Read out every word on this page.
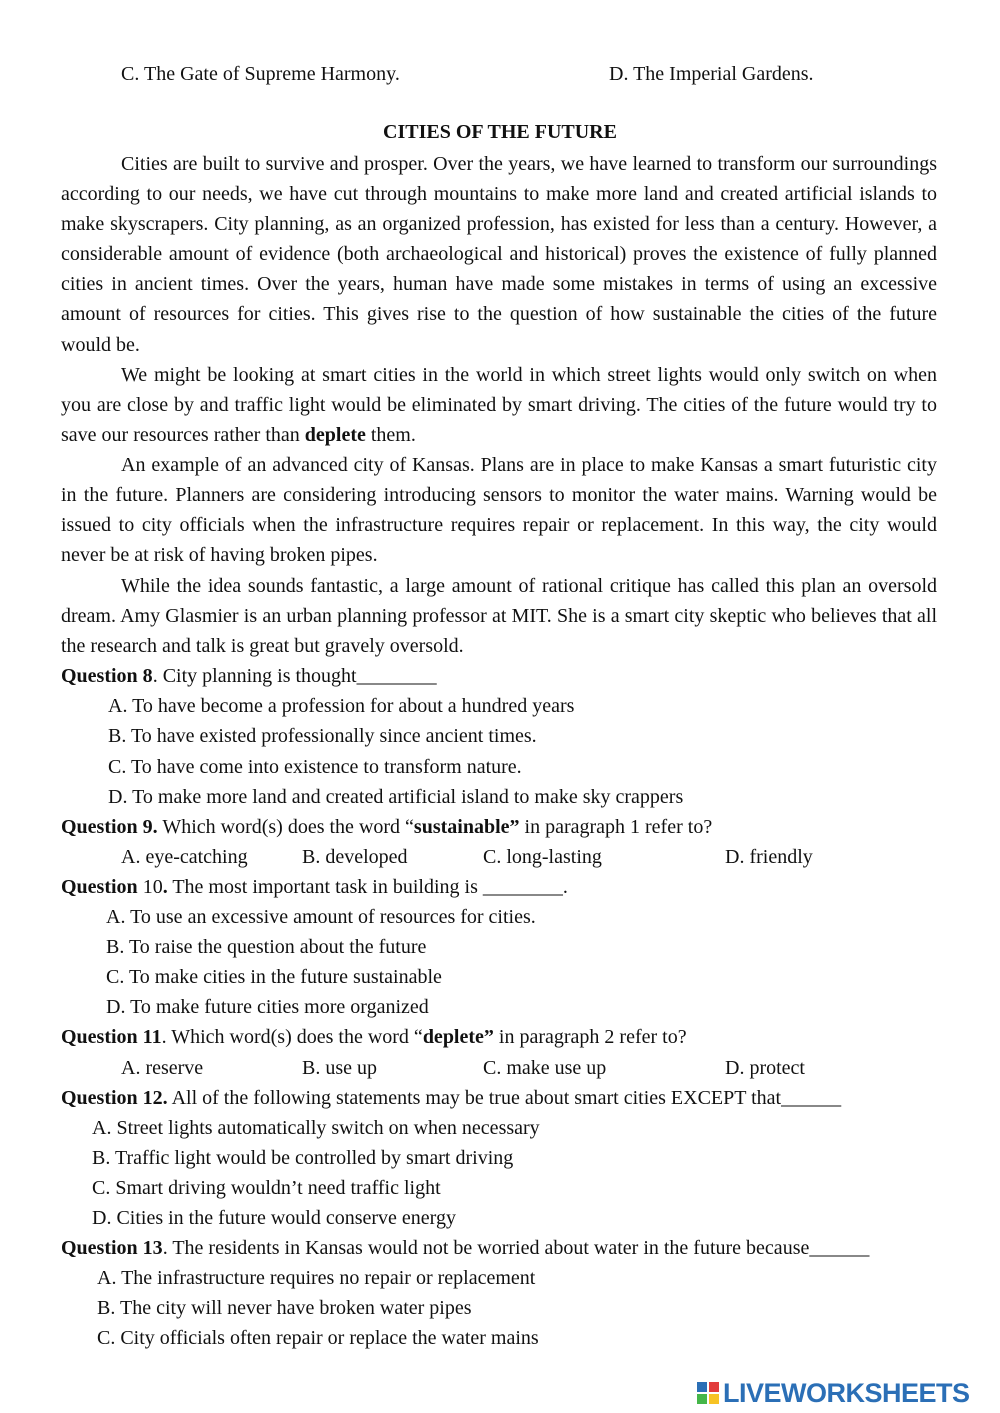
C. The Gate of Supreme Harmony.	D. The Imperial Gardens.
CITIES OF THE FUTURE
Cities are built to survive and prosper. Over the years, we have learned to transform our surroundings according to our needs, we have cut through mountains to make more land and created artificial islands to make skyscrapers. City planning, as an organized profession, has existed for less than a century. However, a considerable amount of evidence (both archaeological and historical) proves the existence of fully planned cities in ancient times. Over the years, human have made some mistakes in terms of using an excessive amount of resources for cities. This gives rise to the question of how sustainable the cities of the future would be.
We might be looking at smart cities in the world in which street lights would only switch on when you are close by and traffic light would be eliminated by smart driving. The cities of the future would try to save our resources rather than deplete them.
An example of an advanced city of Kansas. Plans are in place to make Kansas a smart futuristic city in the future. Planners are considering introducing sensors to monitor the water mains. Warning would be issued to city officials when the infrastructure requires repair or replacement. In this way, the city would never be at risk of having broken pipes.
While the idea sounds fantastic, a large amount of rational critique has called this plan an oversold dream. Amy Glasmier is an urban planning professor at MIT. She is a smart city skeptic who believes that all the research and talk is great but gravely oversold.
Question 8. City planning is thought________
A. To have become a profession for about a hundred years
B. To have existed professionally since ancient times.
C. To have come into existence to transform nature.
D. To make more land and created artificial island to make sky crappers
Question 9. Which word(s) does the word “sustainable” in paragraph 1 refer to?
A. eye-catching	B. developed	C. long-lasting	D. friendly
Question 10. The most important task in building is ________.
A. To use an excessive amount of resources for cities.
B. To raise the question about the future
C. To make cities in the future sustainable
D. To make future cities more organized
Question 11. Which word(s) does the word “deplete” in paragraph 2 refer to?
A. reserve	B. use up	C. make use up	D. protect
Question 12. All of the following statements may be true about smart cities EXCEPT that______
A. Street lights automatically switch on when necessary
B. Traffic light would be controlled by smart driving
C. Smart driving wouldn’t need traffic light
D. Cities in the future would conserve energy
Question 13. The residents in Kansas would not be worried about water in the future because______
A. The infrastructure requires no repair or replacement
B. The city will never have broken water pipes
C. City officials often repair or replace the water mains
LIVEWORKSHEETS
